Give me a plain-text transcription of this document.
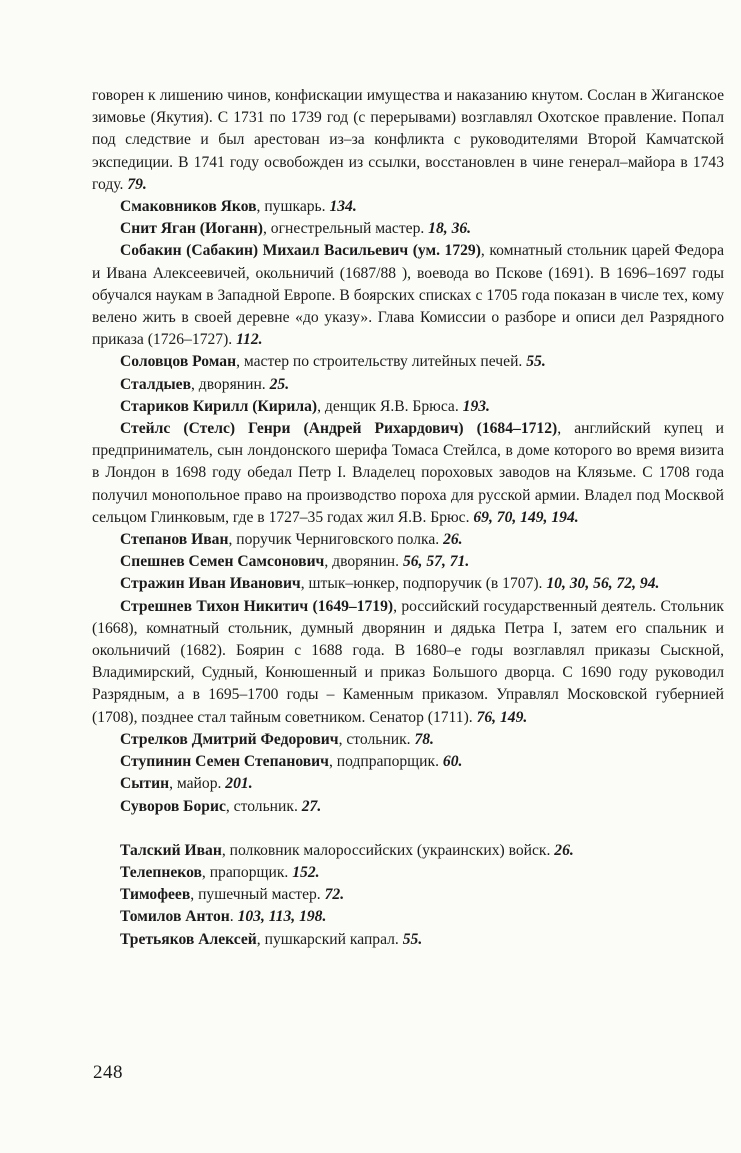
говорен к лишению чинов, конфискации имущества и наказанию кнутом. Сослан в Жиганское зимовье (Якутия). С 1731 по 1739 год (с перерывами) возглавлял Охотское правление. Попал под следствие и был арестован из–за конфликта с руководителями Второй Камчатской экспедиции. В 1741 году освобожден из ссылки, восстановлен в чине генерал–майора в 1743 году. 79.

Смаковников Яков, пушкарь. 134.

Снит Яган (Иоганн), огнестрельный мастер. 18, 36.

Собакин (Сабакин) Михаил Васильевич (ум. 1729), комнатный стольник царей Федора и Ивана Алексеевичей, окольничий (1687/88 ), воевода во Пскове (1691). В 1696–1697 годы обучался наукам в Западной Европе. В боярских списках с 1705 года показан в числе тех, кому велено жить в своей деревне «до указу». Глава Комиссии о разборе и описи дел Разрядного приказа (1726–1727). 112.

Соловцов Роман, мастер по строительству литейных печей. 55.

Сталдыев, дворянин. 25.

Стариков Кирилл (Кирила), денщик Я.В. Брюса. 193.

Стейлс (Стелс) Генри (Андрей Рихардович) (1684–1712), английский купец и предприниматель, сын лондонского шерифа Томаса Стейлса, в доме которого во время визита в Лондон в 1698 году обедал Петр I. Владелец пороховых заводов на Клязьме. С 1708 года получил монопольное право на производство пороха для русской армии. Владел под Москвой сельцом Глинковым, где в 1727–35 годах жил Я.В. Брюс. 69, 70, 149, 194.

Степанов Иван, поручик Черниговского полка. 26.

Спешнев Семен Самсонович, дворянин. 56, 57, 71.

Стражин Иван Иванович, штык–юнкер, подпоручик (в 1707). 10, 30, 56, 72, 94.

Стрешнев Тихон Никитич (1649–1719), российский государственный деятель. Стольник (1668), комнатный стольник, думный дворянин и дядька Петра I, затем его спальник и окольничий (1682). Боярин с 1688 года. В 1680–е годы возглавлял приказы Сыскной, Владимирский, Судный, Конюшенный и приказ Большого дворца. С 1690 году руководил Разрядным, а в 1695–1700 годы – Каменным приказом. Управлял Московской губернией (1708), позднее стал тайным советником. Сенатор (1711). 76, 149.

Стрелков Дмитрий Федорович, стольник. 78.

Ступинин Семен Степанович, подпрапорщик. 60.

Сытин, майор. 201.

Суворов Борис, стольник. 27.

Талский Иван, полковник малороссийских (украинских) войск. 26.

Телепнеков, прапорщик. 152.

Тимофеев, пушечный мастер. 72.

Томилов Антон. 103, 113, 198.

Третьяков Алексей, пушкарский капрал. 55.

248
